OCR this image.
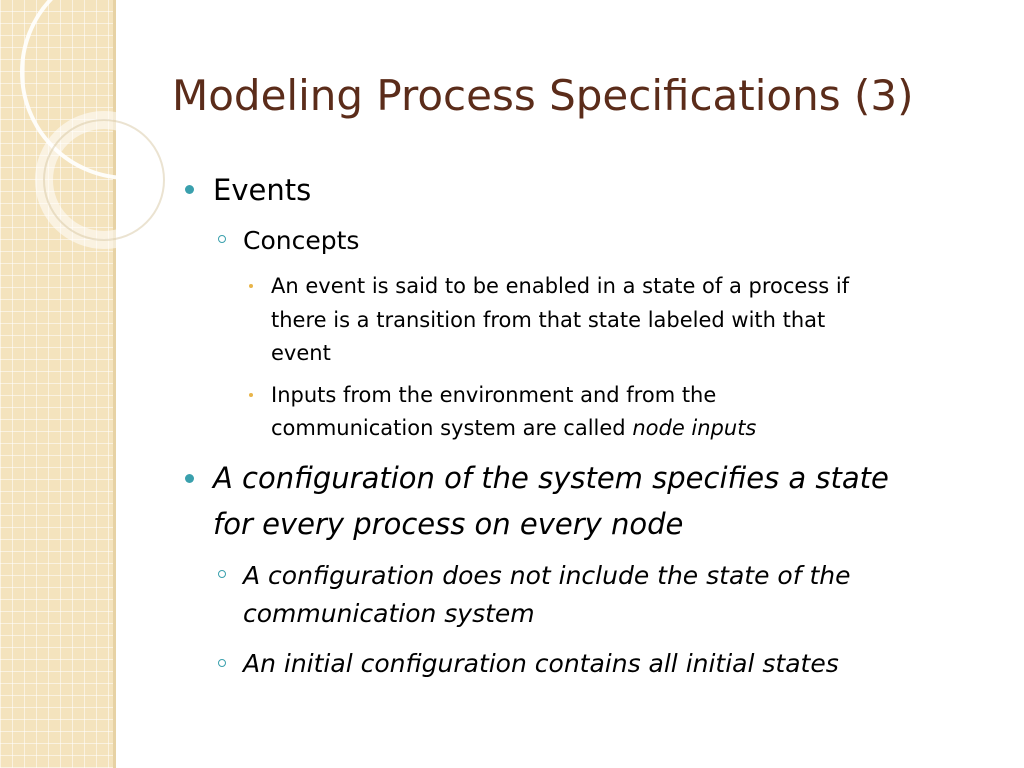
Modeling Process Specifications (3)
Events
Concepts
An event is said to be enabled in a state of a process if
there is a transition from that state labeled with that
event
Inputs from the environment and from the
communication system are called node inputs
A configuration of the system specifies a state
for every process on every node
A configuration does not include the state of the
communication system
An initial configuration contains all initial states
